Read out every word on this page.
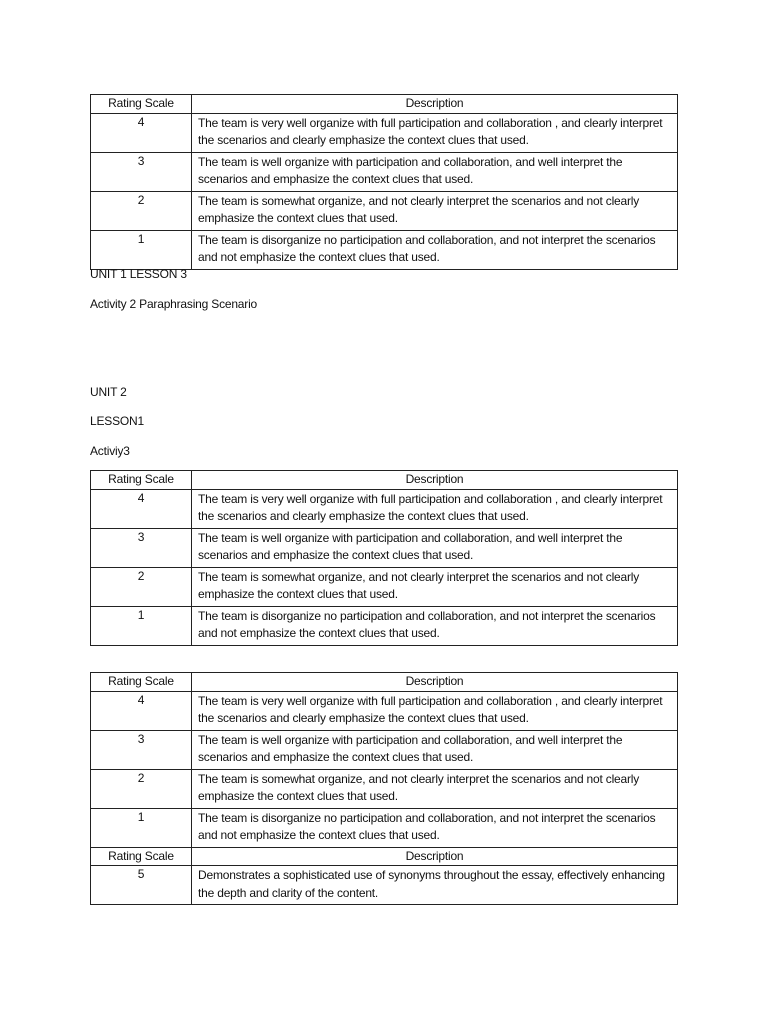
Rating Scale	Description
4	The team is very well organize with full participation and collaboration , and clearly interpret the scenarios and clearly emphasize the context clues that used.
3	The team is well organize with participation and collaboration, and well interpret the scenarios and emphasize the context clues that used.
2	The team is somewhat organize, and not clearly interpret the scenarios and not clearly emphasize the context clues that used.
1	The team is disorganize no participation and collaboration, and not interpret the scenarios and not emphasize the context clues that used.
UNIT 1 LESSON 3
Activity 2 Paraphrasing Scenario
UNIT 2
LESSON1
Activiy3
Rating Scale	Description
4	The team is very well organize with full participation and collaboration , and clearly interpret the scenarios and clearly emphasize the context clues that used.
3	The team is well organize with participation and collaboration, and well interpret the scenarios and emphasize the context clues that used.
2	The team is somewhat organize, and not clearly interpret the scenarios and not clearly emphasize the context clues that used.
1	The team is disorganize no participation and collaboration, and not interpret the scenarios and not emphasize the context clues that used.
Rating Scale	Description
4	The team is very well organize with full participation and collaboration , and clearly interpret the scenarios and clearly emphasize the context clues that used.
3	The team is well organize with participation and collaboration, and well interpret the scenarios and emphasize the context clues that used.
2	The team is somewhat organize, and not clearly interpret the scenarios and not clearly emphasize the context clues that used.
1	The team is disorganize no participation and collaboration, and not interpret the scenarios and not emphasize the context clues that used.
Rating Scale	Description
5	Demonstrates a sophisticated use of synonyms throughout the essay, effectively enhancing the depth and clarity of the content.
